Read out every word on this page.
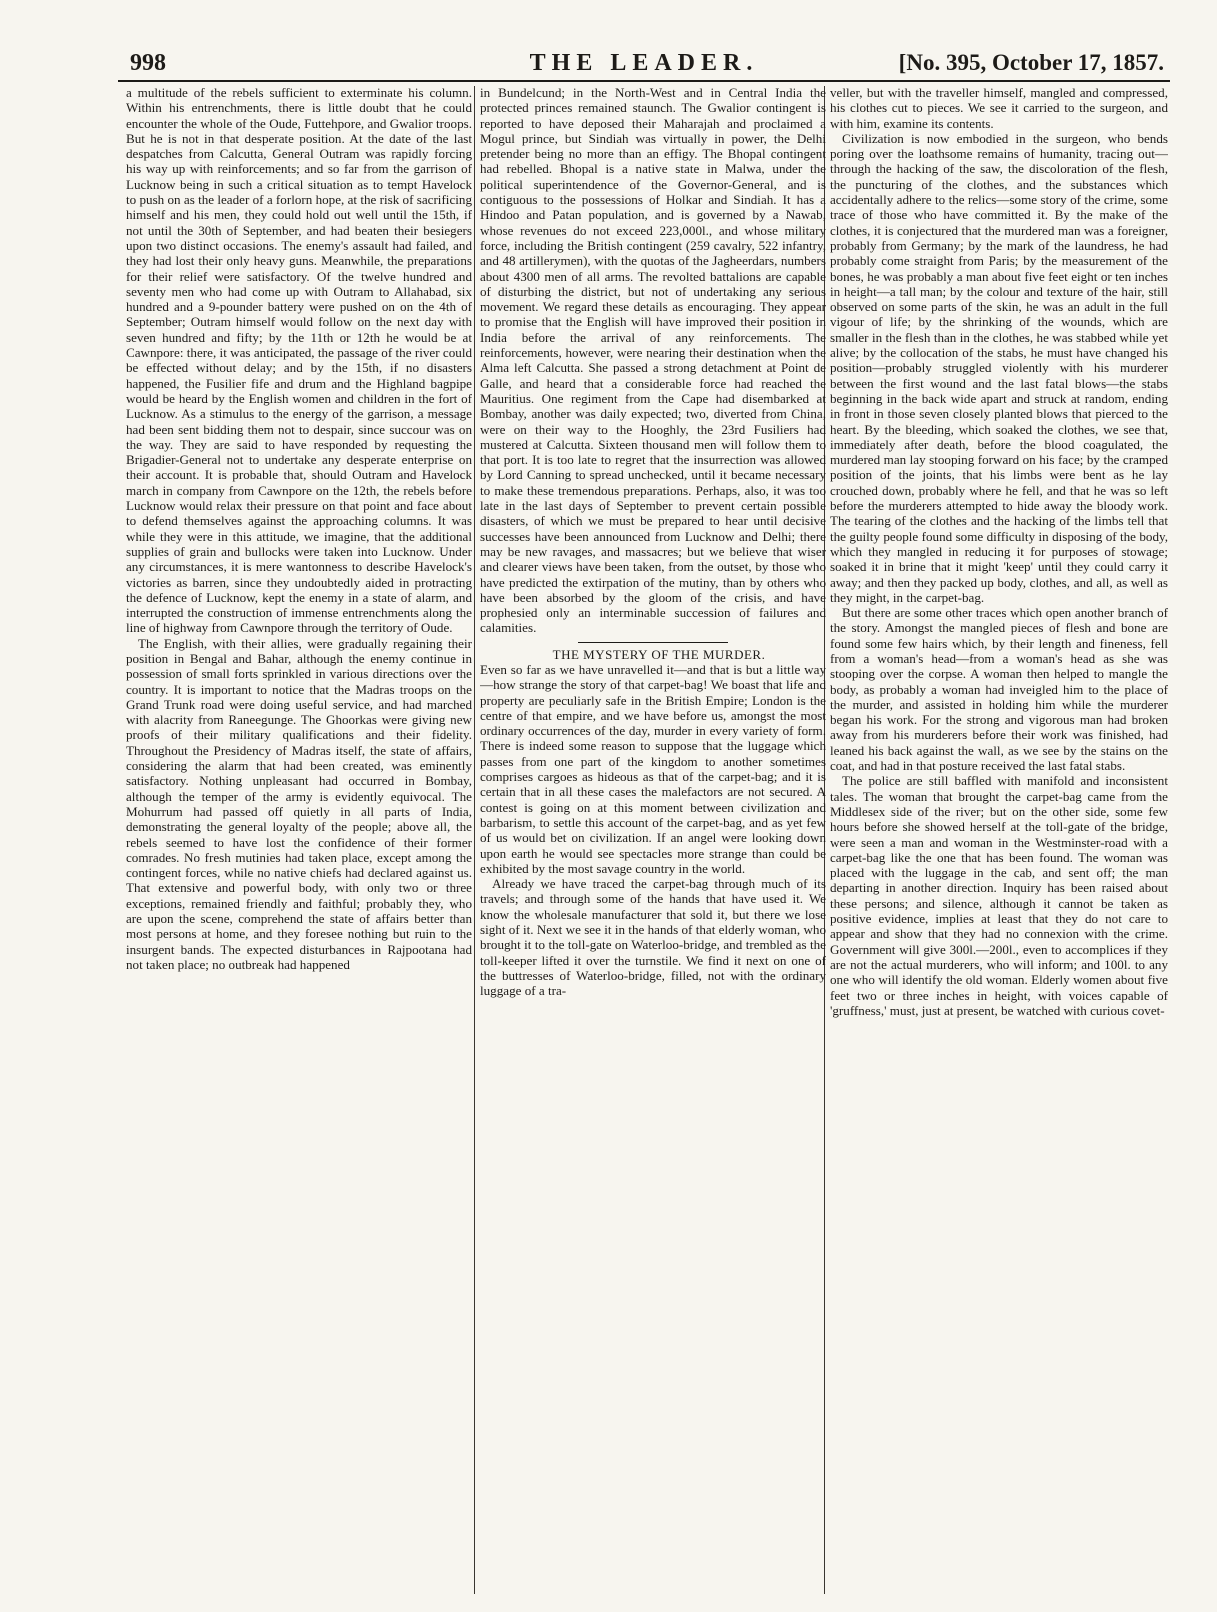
998	THE LEADER.	[No. 395, October 17, 1857.

a multitude of the rebels sufficient to exterminate his column. Within his entrenchments, there is little doubt that he could encounter the whole of the Oude, Futtehpore, and Gwalior troops. But he is not in that desperate position. At the date of the last despatches from Calcutta, General Outram was rapidly forcing his way up with reinforcements; and so far from the garrison of Lucknow being in such a critical situation as to tempt Havelock to push on as the leader of a forlorn hope, at the risk of sacrificing himself and his men, they could hold out well until the 15th, if not until the 30th of September, and had beaten their besiegers upon two distinct occasions. The enemy's assault had failed, and they had lost their only heavy guns. Meanwhile, the preparations for their relief were satisfactory. Of the twelve hundred and seventy men who had come up with Outram to Allahabad, six hundred and a 9-pounder battery were pushed on on the 4th of September; Outram himself would follow on the next day with seven hundred and fifty; by the 11th or 12th he would be at Cawnpore: there, it was anticipated, the passage of the river could be effected without delay; and by the 15th, if no disasters happened, the Fusilier fife and drum and the Highland bagpipe would be heard by the English women and children in the fort of Lucknow. As a stimulus to the energy of the garrison, a message had been sent bidding them not to despair, since succour was on the way. They are said to have responded by requesting the Brigadier-General not to undertake any desperate enterprise on their account. It is probable that, should Outram and Havelock march in company from Cawnpore on the 12th, the rebels before Lucknow would relax their pressure on that point and face about to defend themselves against the approaching columns. It was while they were in this attitude, we imagine, that the additional supplies of grain and bullocks were taken into Lucknow. Under any circumstances, it is mere wantonness to describe Havelock's victories as barren, since they undoubtedly aided in protracting the defence of Lucknow, kept the enemy in a state of alarm, and interrupted the construction of immense entrenchments along the line of highway from Cawnpore through the territory of Oude.

The English, with their allies, were gradually regaining their position in Bengal and Bahar, although the enemy continue in possession of small forts sprinkled in various directions over the country. It is important to notice that the Madras troops on the Grand Trunk road were doing useful service, and had marched with alacrity from Raneegunge. The Ghoorkas were giving new proofs of their military qualifications and their fidelity. Throughout the Presidency of Madras itself, the state of affairs, considering the alarm that had been created, was eminently satisfactory. Nothing unpleasant had occurred in Bombay, although the temper of the army is evidently equivocal. The Mohurrum had passed off quietly in all parts of India, demonstrating the general loyalty of the people; above all, the rebels seemed to have lost the confidence of their former comrades. No fresh mutinies had taken place, except among the contingent forces, while no native chiefs had declared against us. That extensive and powerful body, with only two or three exceptions, remained friendly and faithful; probably they, who are upon the scene, comprehend the state of affairs better than most persons at home, and they foresee nothing but ruin to the insurgent bands. The expected disturbances in Rajpootana had not taken place; no outbreak had happened

in Bundelcund; in the North-West and in Central India the protected princes remained staunch. The Gwalior contingent is reported to have deposed their Maharajah and proclaimed a Mogul prince, but Sindiah was virtually in power, the Delhi pretender being no more than an effigy. The Bhopal contingent had rebelled. Bhopal is a native state in Malwa, under the political superintendence of the Governor-General, and is contiguous to the possessions of Holkar and Sindiah. It has a Hindoo and Patan population, and is governed by a Nawab, whose revenues do not exceed 223,000l., and whose military force, including the British contingent (259 cavalry, 522 infantry, and 48 artillerymen), with the quotas of the Jagheerdars, numbers about 4300 men of all arms. The revolted battalions are capable of disturbing the district, but not of undertaking any serious movement. We regard these details as encouraging. They appear to promise that the English will have improved their position in India before the arrival of any reinforcements. The reinforcements, however, were nearing their destination when the Alma left Calcutta. She passed a strong detachment at Point de Galle, and heard that a considerable force had reached the Mauritius. One regiment from the Cape had disembarked at Bombay, another was daily expected; two, diverted from China, were on their way to the Hooghly, the 23rd Fusiliers had mustered at Calcutta. Sixteen thousand men will follow them to that port. It is too late to regret that the insurrection was allowed by Lord Canning to spread unchecked, until it became necessary to make these tremendous preparations. Perhaps, also, it was too late in the last days of September to prevent certain possible disasters, of which we must be prepared to hear until decisive successes have been announced from Lucknow and Delhi; there may be new ravages, and massacres; but we believe that wiser and clearer views have been taken, from the outset, by those who have predicted the extirpation of the mutiny, than by others who have been absorbed by the gloom of the crisis, and have prophesied only an interminable succession of failures and calamities.

THE MYSTERY OF THE MURDER.

Even so far as we have unravelled it—and that is but a little way—how strange the story of that carpet-bag! We boast that life and property are peculiarly safe in the British Empire; London is the centre of that empire, and we have before us, amongst the most ordinary occurrences of the day, murder in every variety of form. There is indeed some reason to suppose that the luggage which passes from one part of the kingdom to another sometimes comprises cargoes as hideous as that of the carpet-bag; and it is certain that in all these cases the malefactors are not secured. A contest is going on at this moment between civilization and barbarism, to settle this account of the carpet-bag, and as yet few of us would bet on civilization. If an angel were looking down upon earth he would see spectacles more strange than could be exhibited by the most savage country in the world.

Already we have traced the carpet-bag through much of its travels; and through some of the hands that have used it. We know the wholesale manufacturer that sold it, but there we lose sight of it. Next we see it in the hands of that elderly woman, who brought it to the toll-gate on Waterloo-bridge, and trembled as the toll-keeper lifted it over the turnstile. We find it next on one of the buttresses of Waterloo-bridge, filled, not with the ordinary luggage of a tra-

veller, but with the traveller himself, mangled and compressed, his clothes cut to pieces. We see it carried to the surgeon, and with him, examine its contents.

Civilization is now embodied in the surgeon, who bends poring over the loathsome remains of humanity, tracing out—through the hacking of the saw, the discoloration of the flesh, the puncturing of the clothes, and the substances which accidentally adhere to the relics—some story of the crime, some trace of those who have committed it. By the make of the clothes, it is conjectured that the murdered man was a foreigner, probably from Germany; by the mark of the laundress, he had probably come straight from Paris; by the measurement of the bones, he was probably a man about five feet eight or ten inches in height—a tall man; by the colour and texture of the hair, still observed on some parts of the skin, he was an adult in the full vigour of life; by the shrinking of the wounds, which are smaller in the flesh than in the clothes, he was stabbed while yet alive; by the collocation of the stabs, he must have changed his position—probably struggled violently with his murderer between the first wound and the last fatal blows—the stabs beginning in the back wide apart and struck at random, ending in front in those seven closely planted blows that pierced to the heart. By the bleeding, which soaked the clothes, we see that, immediately after death, before the blood coagulated, the murdered man lay stooping forward on his face; by the cramped position of the joints, that his limbs were bent as he lay crouched down, probably where he fell, and that he was so left before the murderers attempted to hide away the bloody work. The tearing of the clothes and the hacking of the limbs tell that the guilty people found some difficulty in disposing of the body, which they mangled in reducing it for purposes of stowage; soaked it in brine that it might 'keep' until they could carry it away; and then they packed up body, clothes, and all, as well as they might, in the carpet-bag.

But there are some other traces which open another branch of the story. Amongst the mangled pieces of flesh and bone are found some few hairs which, by their length and fineness, fell from a woman's head—from a woman's head as she was stooping over the corpse. A woman then helped to mangle the body, as probably a woman had inveigled him to the place of the murder, and assisted in holding him while the murderer began his work. For the strong and vigorous man had broken away from his murderers before their work was finished, had leaned his back against the wall, as we see by the stains on the coat, and had in that posture received the last fatal stabs.

The police are still baffled with manifold and inconsistent tales. The woman that brought the carpet-bag came from the Middlesex side of the river; but on the other side, some few hours before she showed herself at the toll-gate of the bridge, were seen a man and woman in the Westminster-road with a carpet-bag like the one that has been found. The woman was placed with the luggage in the cab, and sent off; the man departing in another direction. Inquiry has been raised about these persons; and silence, although it cannot be taken as positive evidence, implies at least that they do not care to appear and show that they had no connexion with the crime. Government will give 300l.—200l., even to accomplices if they are not the actual murderers, who will inform; and 100l. to any one who will identify the old woman. Elderly women about five feet two or three inches in height, with voices capable of 'gruffness,' must, just at present, be watched with curious covet-
